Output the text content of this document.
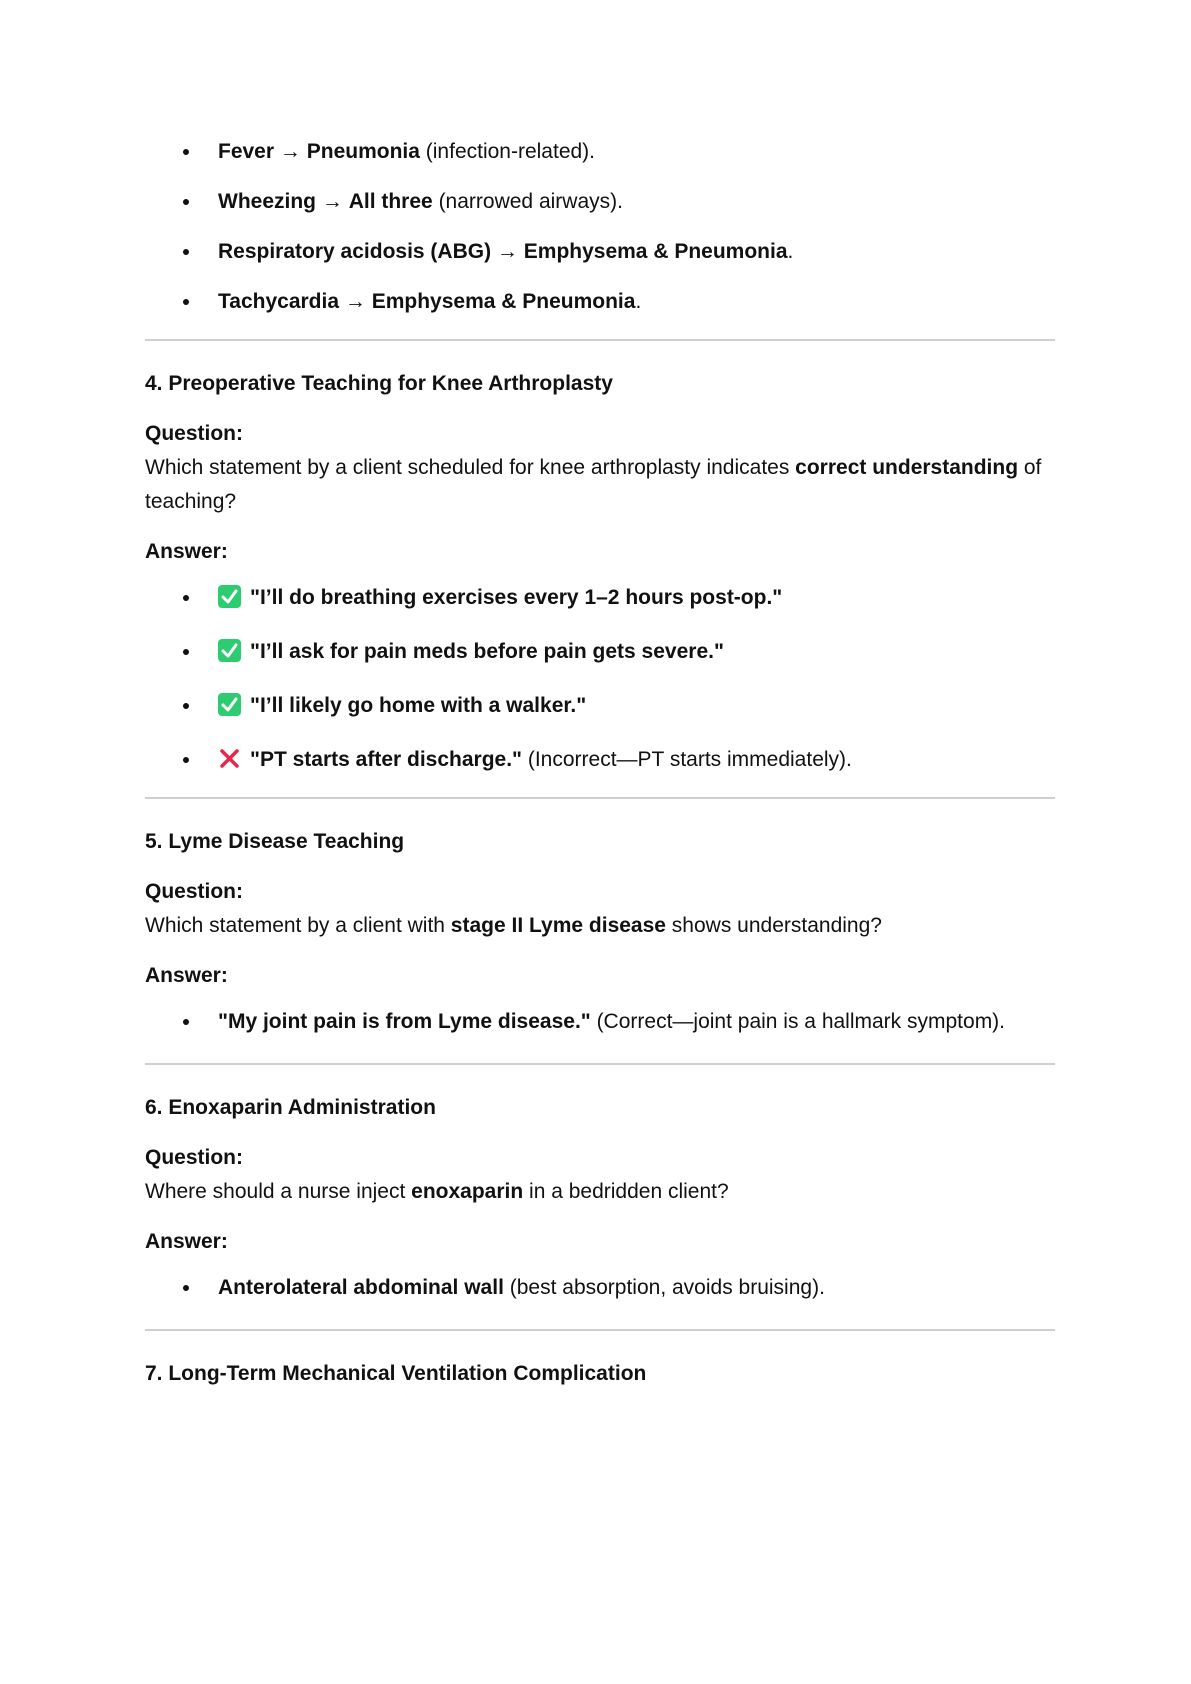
Fever → Pneumonia (infection-related).
Wheezing → All three (narrowed airways).
Respiratory acidosis (ABG) → Emphysema & Pneumonia.
Tachycardia → Emphysema & Pneumonia.

4. Preoperative Teaching for Knee Arthroplasty

Question:

Which statement by a client scheduled for knee arthroplasty indicates correct understanding of teaching?

Answer:

"I’ll do breathing exercises every 1–2 hours post-op."
"I’ll ask for pain meds before pain gets severe."
"I’ll likely go home with a walker."
"PT starts after discharge." (Incorrect—PT starts immediately).

5. Lyme Disease Teaching

Question:

Which statement by a client with stage II Lyme disease shows understanding?

Answer:

"My joint pain is from Lyme disease." (Correct—joint pain is a hallmark symptom).

6. Enoxaparin Administration

Question:

Where should a nurse inject enoxaparin in a bedridden client?

Answer:

Anterolateral abdominal wall (best absorption, avoids bruising).

7. Long-Term Mechanical Ventilation Complication
